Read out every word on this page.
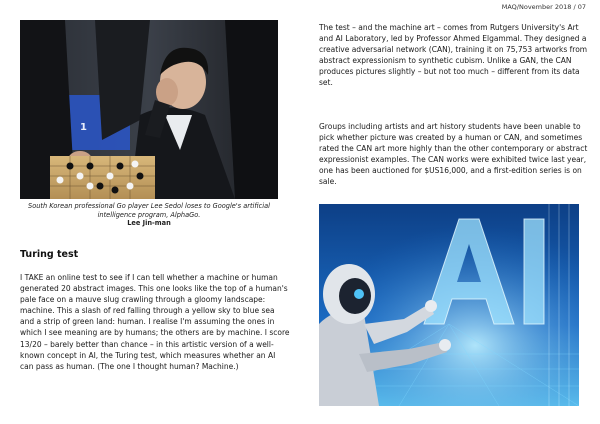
MAQ/November 2018 / 07
1
South Korean professional Go player Lee Sedol loses to Google's artificial intelligence program, AlphaGo.
Lee Jin-man
Turing test

I TAKE an online test to see if I can tell whether a machine or human generated 20 abstract images. This one looks like the top of a human's pale face on a mauve slug crawling through a gloomy landscape: machine. This a slash of red falling through a yellow sky to blue sea and a strip of green land: human. I realise I'm assuming the ones in which I see meaning are by humans; the others are by machine. I score 13/20 – barely better than chance – in this artistic version of a well-known concept in AI, the Turing test, which measures whether an AI can pass as human. (The one I thought human? Machine.)

The test – and the machine art – comes from Rutgers University's Art and AI Laboratory, led by Professor Ahmed Elgammal. They designed a creative adversarial network (CAN), training it on 75,753 artworks from abstract expressionism to synthetic cubism. Unlike a GAN, the CAN produces pictures slightly – but not too much – different from its data set.

Groups including artists and art history students have been unable to pick whether picture was created by a human or CAN, and sometimes rated the CAN art more highly than the other contemporary or abstract expressionist examples. The CAN works were exhibited twice last year, one has been auctioned for $US16,000, and a first-edition series is on sale.
